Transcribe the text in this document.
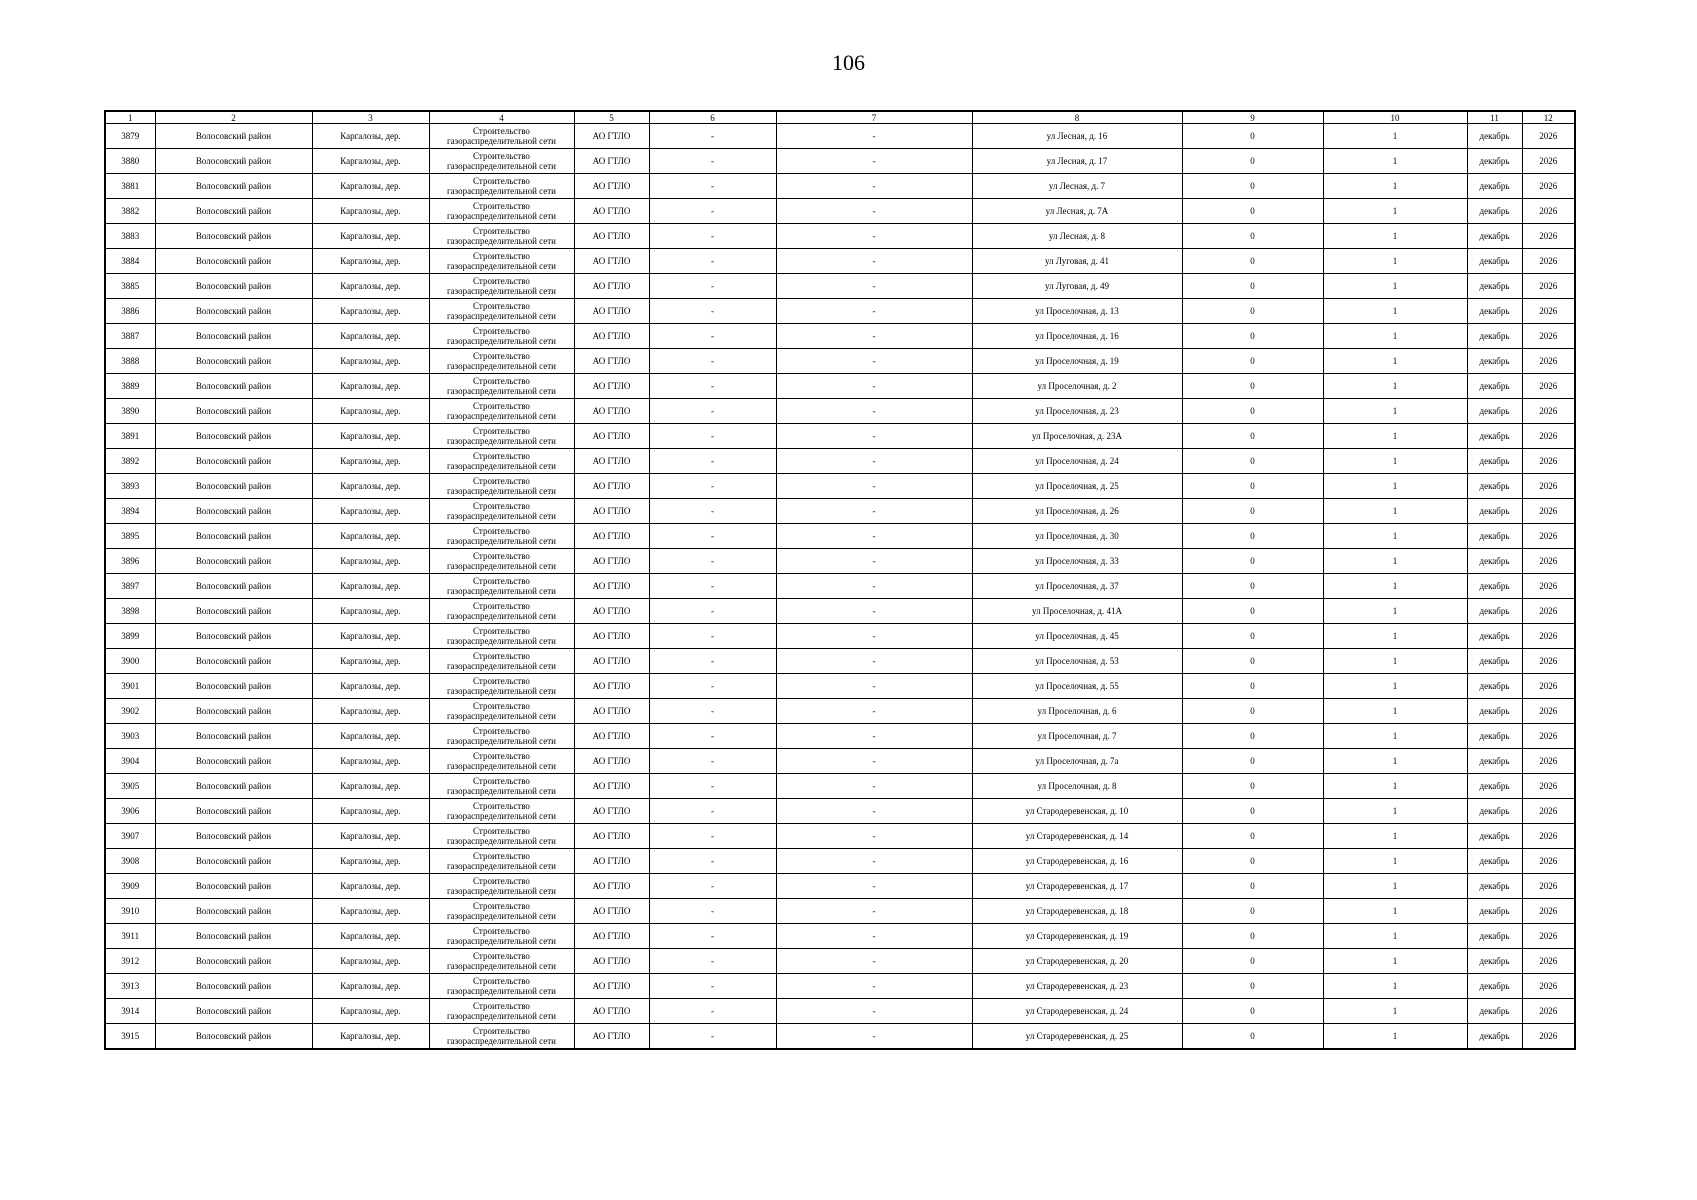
106
1	2	3	4	5	6	7	8	9	10	11	12
3879	Волосовский район	Каргалозы, дер.	Строительство газораспределительной сети	АО ГТЛО	-	-	ул Лесная, д. 16	0	1	декабрь	2026
3880	Волосовский район	Каргалозы, дер.	Строительство газораспределительной сети	АО ГТЛО	-	-	ул Лесная, д. 17	0	1	декабрь	2026
3881	Волосовский район	Каргалозы, дер.	Строительство газораспределительной сети	АО ГТЛО	-	-	ул Лесная, д. 7	0	1	декабрь	2026
3882	Волосовский район	Каргалозы, дер.	Строительство газораспределительной сети	АО ГТЛО	-	-	ул Лесная, д. 7А	0	1	декабрь	2026
3883	Волосовский район	Каргалозы, дер.	Строительство газораспределительной сети	АО ГТЛО	-	-	ул Лесная, д. 8	0	1	декабрь	2026
3884	Волосовский район	Каргалозы, дер.	Строительство газораспределительной сети	АО ГТЛО	-	-	ул Луговая, д. 41	0	1	декабрь	2026
3885	Волосовский район	Каргалозы, дер.	Строительство газораспределительной сети	АО ГТЛО	-	-	ул Луговая, д. 49	0	1	декабрь	2026
3886	Волосовский район	Каргалозы, дер.	Строительство газораспределительной сети	АО ГТЛО	-	-	ул Проселочная, д. 13	0	1	декабрь	2026
3887	Волосовский район	Каргалозы, дер.	Строительство газораспределительной сети	АО ГТЛО	-	-	ул Проселочная, д. 16	0	1	декабрь	2026
3888	Волосовский район	Каргалозы, дер.	Строительство газораспределительной сети	АО ГТЛО	-	-	ул Проселочная, д. 19	0	1	декабрь	2026
3889	Волосовский район	Каргалозы, дер.	Строительство газораспределительной сети	АО ГТЛО	-	-	ул Проселочная, д. 2	0	1	декабрь	2026
3890	Волосовский район	Каргалозы, дер.	Строительство газораспределительной сети	АО ГТЛО	-	-	ул Проселочная, д. 23	0	1	декабрь	2026
3891	Волосовский район	Каргалозы, дер.	Строительство газораспределительной сети	АО ГТЛО	-	-	ул Проселочная, д. 23А	0	1	декабрь	2026
3892	Волосовский район	Каргалозы, дер.	Строительство газораспределительной сети	АО ГТЛО	-	-	ул Проселочная, д. 24	0	1	декабрь	2026
3893	Волосовский район	Каргалозы, дер.	Строительство газораспределительной сети	АО ГТЛО	-	-	ул Проселочная, д. 25	0	1	декабрь	2026
3894	Волосовский район	Каргалозы, дер.	Строительство газораспределительной сети	АО ГТЛО	-	-	ул Проселочная, д. 26	0	1	декабрь	2026
3895	Волосовский район	Каргалозы, дер.	Строительство газораспределительной сети	АО ГТЛО	-	-	ул Проселочная, д. 30	0	1	декабрь	2026
3896	Волосовский район	Каргалозы, дер.	Строительство газораспределительной сети	АО ГТЛО	-	-	ул Проселочная, д. 33	0	1	декабрь	2026
3897	Волосовский район	Каргалозы, дер.	Строительство газораспределительной сети	АО ГТЛО	-	-	ул Проселочная, д. 37	0	1	декабрь	2026
3898	Волосовский район	Каргалозы, дер.	Строительство газораспределительной сети	АО ГТЛО	-	-	ул Проселочная, д. 41А	0	1	декабрь	2026
3899	Волосовский район	Каргалозы, дер.	Строительство газораспределительной сети	АО ГТЛО	-	-	ул Проселочная, д. 45	0	1	декабрь	2026
3900	Волосовский район	Каргалозы, дер.	Строительство газораспределительной сети	АО ГТЛО	-	-	ул Проселочная, д. 53	0	1	декабрь	2026
3901	Волосовский район	Каргалозы, дер.	Строительство газораспределительной сети	АО ГТЛО	-	-	ул Проселочная, д. 55	0	1	декабрь	2026
3902	Волосовский район	Каргалозы, дер.	Строительство газораспределительной сети	АО ГТЛО	-	-	ул Проселочная, д. 6	0	1	декабрь	2026
3903	Волосовский район	Каргалозы, дер.	Строительство газораспределительной сети	АО ГТЛО	-	-	ул Проселочная, д. 7	0	1	декабрь	2026
3904	Волосовский район	Каргалозы, дер.	Строительство газораспределительной сети	АО ГТЛО	-	-	ул Проселочная, д. 7а	0	1	декабрь	2026
3905	Волосовский район	Каргалозы, дер.	Строительство газораспределительной сети	АО ГТЛО	-	-	ул Проселочная, д. 8	0	1	декабрь	2026
3906	Волосовский район	Каргалозы, дер.	Строительство газораспределительной сети	АО ГТЛО	-	-	ул Стародеревенская, д. 10	0	1	декабрь	2026
3907	Волосовский район	Каргалозы, дер.	Строительство газораспределительной сети	АО ГТЛО	-	-	ул Стародеревенская, д. 14	0	1	декабрь	2026
3908	Волосовский район	Каргалозы, дер.	Строительство газораспределительной сети	АО ГТЛО	-	-	ул Стародеревенская, д. 16	0	1	декабрь	2026
3909	Волосовский район	Каргалозы, дер.	Строительство газораспределительной сети	АО ГТЛО	-	-	ул Стародеревенская, д. 17	0	1	декабрь	2026
3910	Волосовский район	Каргалозы, дер.	Строительство газораспределительной сети	АО ГТЛО	-	-	ул Стародеревенская, д. 18	0	1	декабрь	2026
3911	Волосовский район	Каргалозы, дер.	Строительство газораспределительной сети	АО ГТЛО	-	-	ул Стародеревенская, д. 19	0	1	декабрь	2026
3912	Волосовский район	Каргалозы, дер.	Строительство газораспределительной сети	АО ГТЛО	-	-	ул Стародеревенская, д. 20	0	1	декабрь	2026
3913	Волосовский район	Каргалозы, дер.	Строительство газораспределительной сети	АО ГТЛО	-	-	ул Стародеревенская, д. 23	0	1	декабрь	2026
3914	Волосовский район	Каргалозы, дер.	Строительство газораспределительной сети	АО ГТЛО	-	-	ул Стародеревенская, д. 24	0	1	декабрь	2026
3915	Волосовский район	Каргалозы, дер.	Строительство газораспределительной сети	АО ГТЛО	-	-	ул Стародеревенская, д. 25	0	1	декабрь	2026
